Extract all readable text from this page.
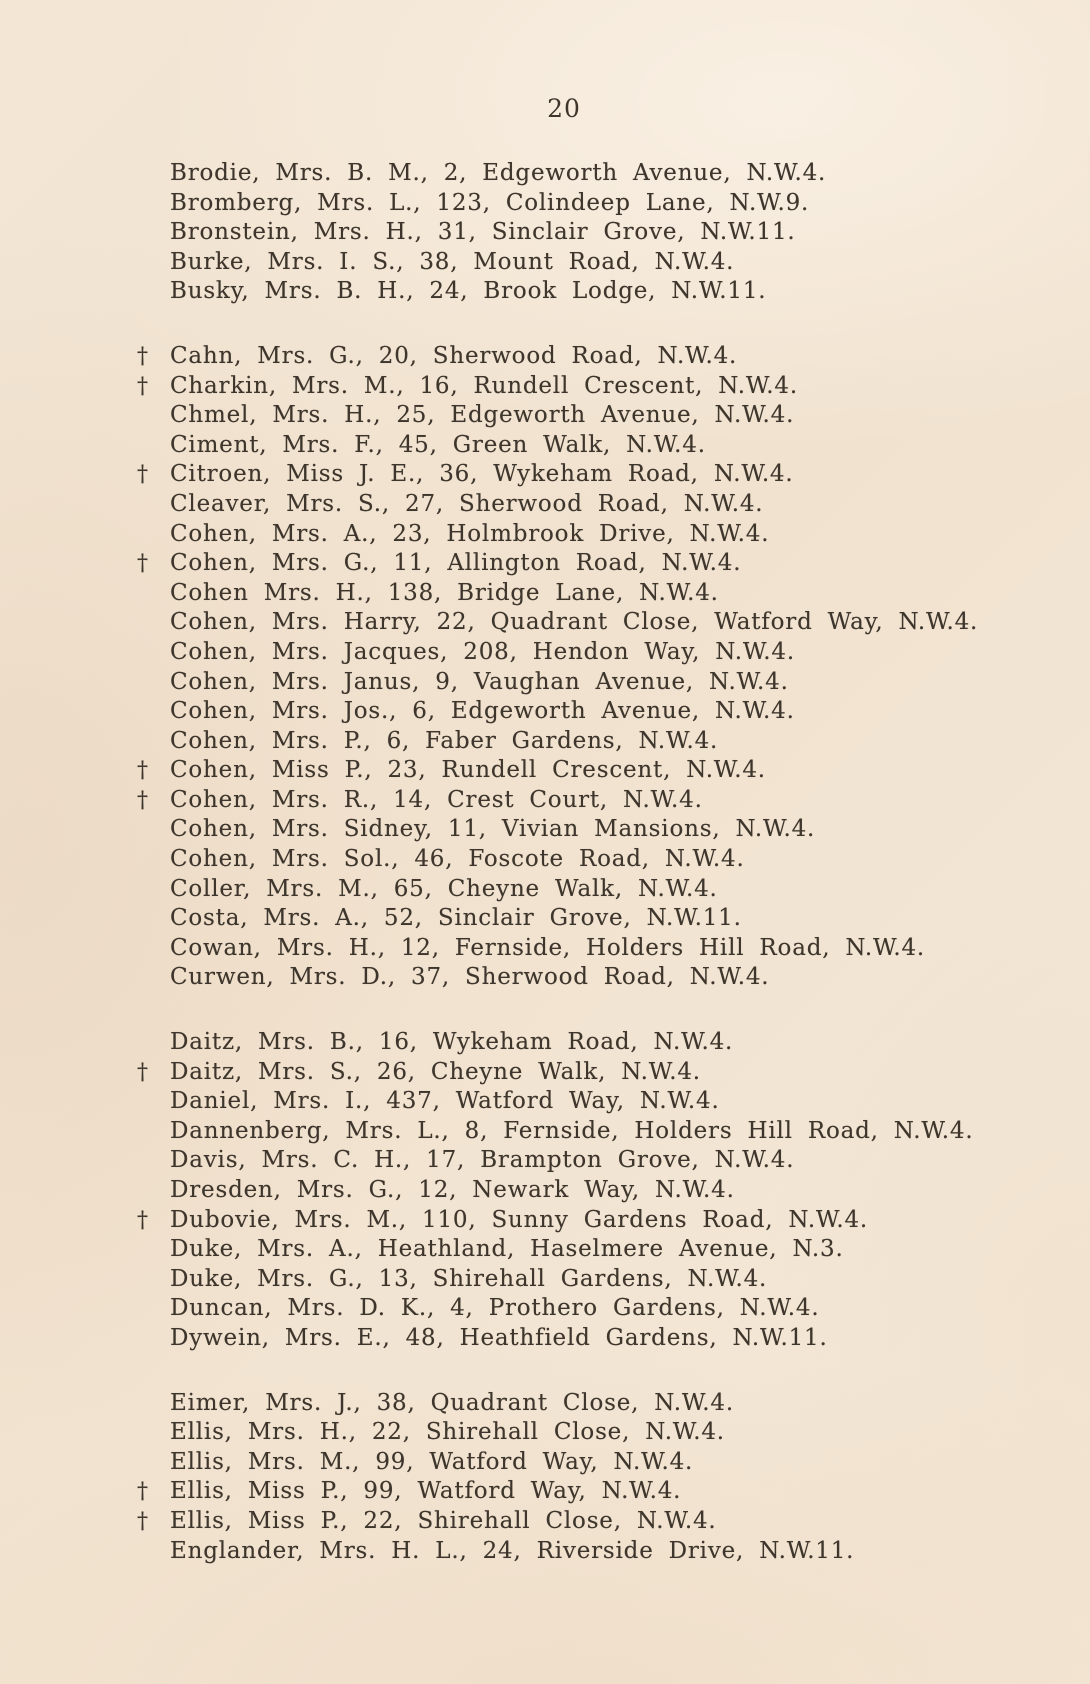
20
Brodie, Mrs. B. M., 2, Edgeworth Avenue, N.W.4.
Bromberg, Mrs. L., 123, Colindeep Lane, N.W.9.
Bronstein, Mrs. H., 31, Sinclair Grove, N.W.11.
Burke, Mrs. I. S., 38, Mount Road, N.W.4.
Busky, Mrs. B. H., 24, Brook Lodge, N.W.11.
† Cahn, Mrs. G., 20, Sherwood Road, N.W.4.
† Charkin, Mrs. M., 16, Rundell Crescent, N.W.4.
Chmel, Mrs. H., 25, Edgeworth Avenue, N.W.4.
Ciment, Mrs. F., 45, Green Walk, N.W.4.
† Citroen, Miss J. E., 36, Wykeham Road, N.W.4.
Cleaver, Mrs. S., 27, Sherwood Road, N.W.4.
Cohen, Mrs. A., 23, Holmbrook Drive, N.W.4.
† Cohen, Mrs. G., 11, Allington Road, N.W.4.
Cohen Mrs. H., 138, Bridge Lane, N.W.4.
Cohen, Mrs. Harry, 22, Quadrant Close, Watford Way, N.W.4.
Cohen, Mrs. Jacques, 208, Hendon Way, N.W.4.
Cohen, Mrs. Janus, 9, Vaughan Avenue, N.W.4.
Cohen, Mrs. Jos., 6, Edgeworth Avenue, N.W.4.
Cohen, Mrs. P., 6, Faber Gardens, N.W.4.
† Cohen, Miss P., 23, Rundell Crescent, N.W.4.
† Cohen, Mrs. R., 14, Crest Court, N.W.4.
Cohen, Mrs. Sidney, 11, Vivian Mansions, N.W.4.
Cohen, Mrs. Sol., 46, Foscote Road, N.W.4.
Coller, Mrs. M., 65, Cheyne Walk, N.W.4.
Costa, Mrs. A., 52, Sinclair Grove, N.W.11.
Cowan, Mrs. H., 12, Fernside, Holders Hill Road, N.W.4.
Curwen, Mrs. D., 37, Sherwood Road, N.W.4.
Daitz, Mrs. B., 16, Wykeham Road, N.W.4.
† Daitz, Mrs. S., 26, Cheyne Walk, N.W.4.
Daniel, Mrs. I., 437, Watford Way, N.W.4.
Dannenberg, Mrs. L., 8, Fernside, Holders Hill Road, N.W.4.
Davis, Mrs. C. H., 17, Brampton Grove, N.W.4.
Dresden, Mrs. G., 12, Newark Way, N.W.4.
† Dubovie, Mrs. M., 110, Sunny Gardens Road, N.W.4.
Duke, Mrs. A., Heathland, Haselmere Avenue, N.3.
Duke, Mrs. G., 13, Shirehall Gardens, N.W.4.
Duncan, Mrs. D. K., 4, Prothero Gardens, N.W.4.
Dywein, Mrs. E., 48, Heathfield Gardens, N.W.11.
Eimer, Mrs. J., 38, Quadrant Close, N.W.4.
Ellis, Mrs. H., 22, Shirehall Close, N.W.4.
Ellis, Mrs. M., 99, Watford Way, N.W.4.
† Ellis, Miss P., 99, Watford Way, N.W.4.
† Ellis, Miss P., 22, Shirehall Close, N.W.4.
Englander, Mrs. H. L., 24, Riverside Drive, N.W.11.
